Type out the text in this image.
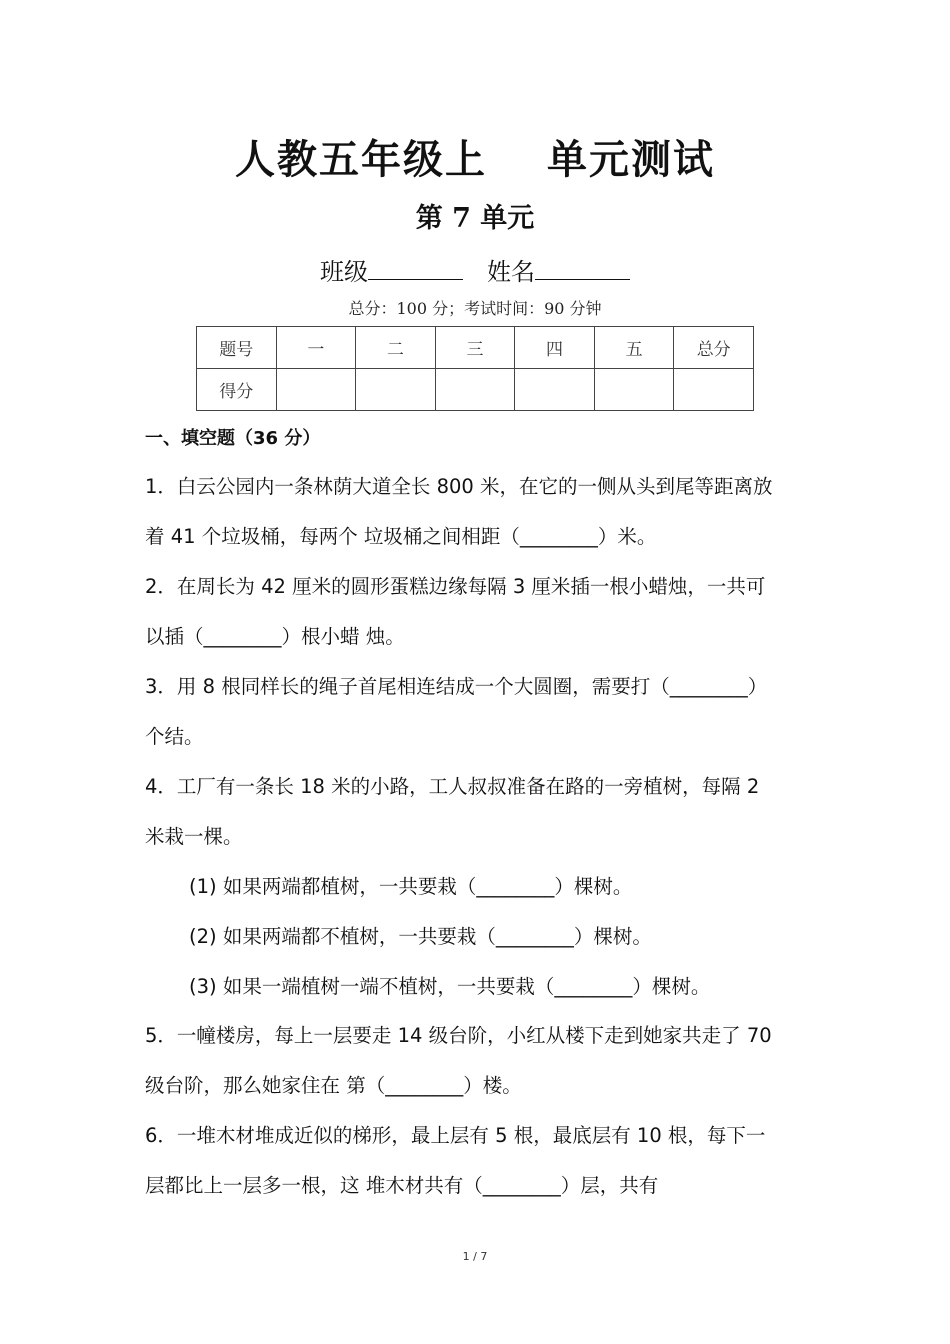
人教五年级上 单元测试
第 7 单元
班级	姓名
总分：100 分；考试时间：90 分钟
题号	一	二	三	四	五	总分
得分						
一、填空题（36 分）
1．白云公园内一条林荫大道全长 800 米，在它的一侧从头到尾等距离放
着 41 个垃圾桶，每两个 垃圾桶之间相距（________）米。
2．在周长为 42 厘米的圆形蛋糕边缘每隔 3 厘米插一根小蜡烛，一共可
以插（________）根小蜡 烛。
3．用 8 根同样长的绳子首尾相连结成一个大圆圈，需要打（________）
个结。
4．工厂有一条长 18 米的小路，工人叔叔准备在路的一旁植树，每隔 2
米栽一棵。
(1) 如果两端都植树，一共要栽（________）棵树。
(2) 如果两端都不植树，一共要栽（________）棵树。
(3) 如果一端植树一端不植树，一共要栽（________）棵树。
5．一幢楼房，每上一层要走 14 级台阶，小红从楼下走到她家共走了 70
级台阶，那么她家住在 第（________）楼。
6．一堆木材堆成近似的梯形，最上层有 5 根，最底层有 10 根，每下一
层都比上一层多一根，这 堆木材共有（________）层，共有
1 / 7
